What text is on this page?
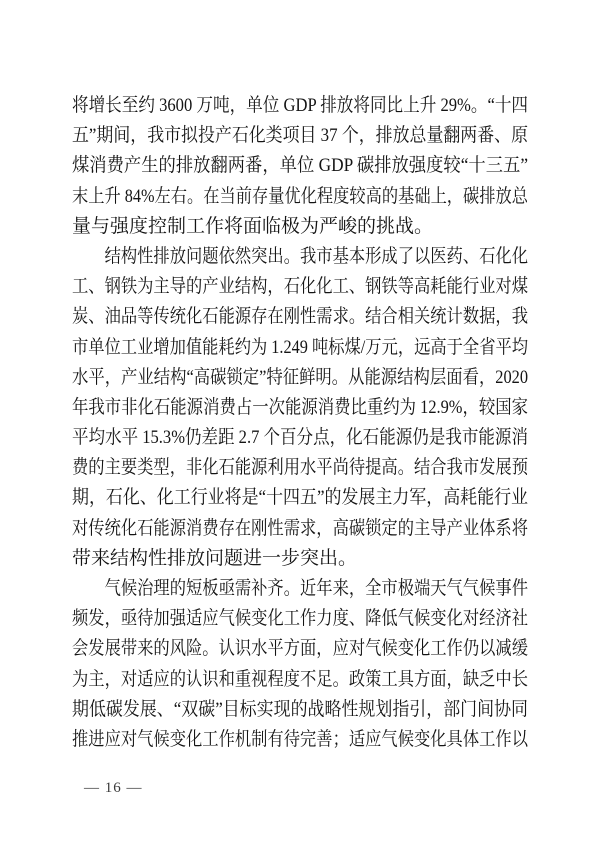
将增长至约 3600 万吨，单位 GDP 排放将同比上升 29%。“十四
五”期间，我市拟投产石化类项目 37 个，排放总量翻两番、原
煤消费产生的排放翻两番，单位 GDP 碳排放强度较“十三五”
末上升 84%左右。在当前存量优化程度较高的基础上，碳排放总
量与强度控制工作将面临极为严峻的挑战。
结构性排放问题依然突出。我市基本形成了以医药、石化化
工、钢铁为主导的产业结构，石化化工、钢铁等高耗能行业对煤
炭、油品等传统化石能源存在刚性需求。结合相关统计数据，我
市单位工业增加值能耗约为 1.249 吨标煤/万元，远高于全省平均
水平，产业结构“高碳锁定”特征鲜明。从能源结构层面看，2020
年我市非化石能源消费占一次能源消费比重约为 12.9%，较国家
平均水平 15.3%仍差距 2.7 个百分点，化石能源仍是我市能源消
费的主要类型，非化石能源利用水平尚待提高。结合我市发展预
期，石化、化工行业将是“十四五”的发展主力军，高耗能行业
对传统化石能源消费存在刚性需求，高碳锁定的主导产业体系将
带来结构性排放问题进一步突出。
气候治理的短板亟需补齐。近年来，全市极端天气气候事件
频发，亟待加强适应气候变化工作力度、降低气候变化对经济社
会发展带来的风险。认识水平方面，应对气候变化工作仍以减缓
为主，对适应的认识和重视程度不足。政策工具方面，缺乏中长
期低碳发展、“双碳”目标实现的战略性规划指引，部门间协同
推进应对气候变化工作机制有待完善；适应气候变化具体工作以
— 16 —
